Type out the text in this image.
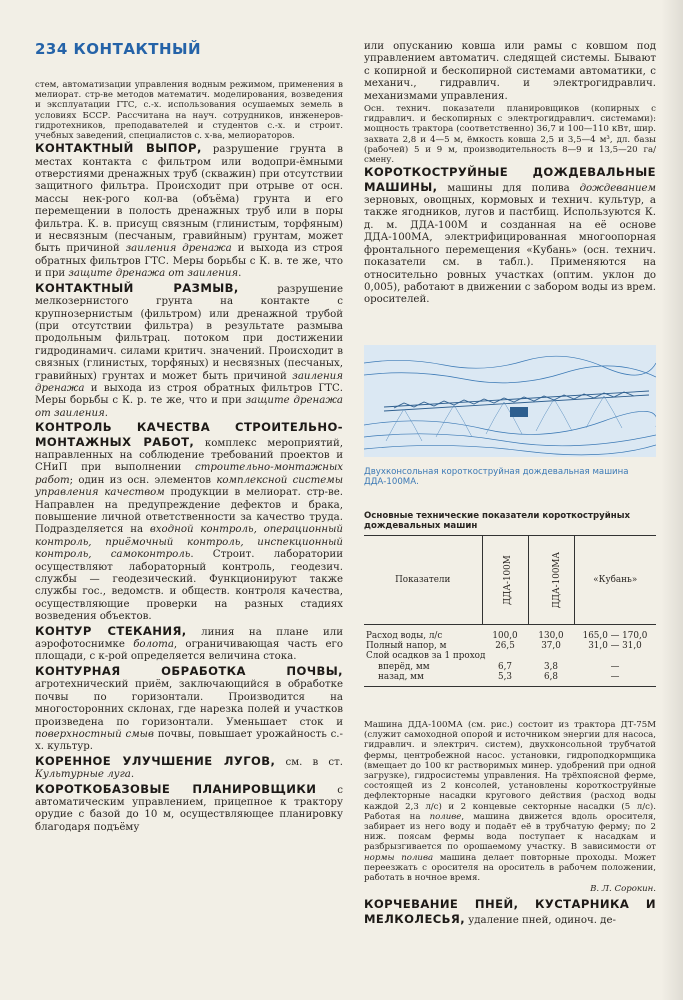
234 КОНТАКТНЫЙ

стем, автоматизации управления водным режимом, применения в мелиорат. стр-ве методов математич. моделирования, возведения и эксплуатации ГТС, с.-х. использования осушаемых земель в условиях БССР. Рассчитана на науч. сотрудников, инженеров-гидротехников, преподавателей и студентов с.-х. и строит. учебных заведений, специалистов с. х-ва, мелиораторов.

КОНТАКТНЫЙ ВЫПОР, разрушение грунта в местах контакта с фильтром или водопри-ёмными отверстиями дренажных труб (скважин) при отсутствии защитного фильтра. Происходит при отрыве от осн. массы нек-рого кол-ва (объёма) грунта и его перемещении в полость дренажных труб или в поры фильтра. К. в. присущ связным (глинистым, торфяным) и несвязным (песчаным, гравийным) грунтам, может быть причиной заиления дренажа и выхода из строя обратных фильтров ГТС. Меры борьбы с К. в. те же, что и при защите дренажа от заиления.

КОНТАКТНЫЙ РАЗМЫВ, разрушение мелкозернистого грунта на контакте с крупнозернистым (фильтром) или дренажной трубой (при отсутствии фильтра) в результате размыва продольным фильтрац. потоком при достижении гидродинамич. силами критич. значений. Происходит в связных (глинистых, торфяных) и несвязных (песчаных, гравийных) грунтах и может быть причиной заиления дренажа и выхода из строя обратных фильтров ГТС. Меры борьбы с К. р. те же, что и при защите дренажа от заиления.

КОНТРОЛЬ КАЧЕСТВА СТРОИТЕЛЬНО-МОНТАЖНЫХ РАБОТ, комплекс мероприятий, направленных на соблюдение требований проектов и СНиП при выполнении строительно-монтажных работ; один из осн. элементов комплексной системы управления качеством продукции в мелиорат. стр-ве. Направлен на предупреждение дефектов и брака, повышение личной ответственности за качество труда. Подразделяется на входной контроль, операционный контроль, приёмочный контроль, инспекционный контроль, самоконтроль. Строит. лаборатории осуществляют лабораторный контроль, геодезич. службы — геодезический. Функционируют также службы гос., ведомств. и обществ. контроля качества, осуществляющие проверки на разных стадиях возведения объектов.

КОНТУР СТЕКАНИЯ, линия на плане или аэрофотоснимке болота, ограничивающая часть его площади, с к-рой определяется величина стока.

КОНТУРНАЯ ОБРАБОТКА ПОЧВЫ, агротехнический приём, заключающийся в обработке почвы по горизонтали. Производится на многосторонних склонах, где нарезка полей и участков произведена по горизонтали. Уменьшает сток и поверхностный смыв почвы, повышает урожайность с.-х. культур.

КОРЕННОЕ УЛУЧШЕНИЕ ЛУГОВ, см. в ст. Культурные луга.

КОРОТКОБАЗОВЫЕ ПЛАНИРОВЩИКИ с автоматическим управлением, прицепное к трактору орудие с базой до 10 м, осуществляющее планировку благодаря подъёму

или опусканию ковша или рамы с ковшом под управлением автоматич. следящей системы. Бывают с копирной и бескопирной системами автоматики, с механич., гидравлич. и электрогидравлич. механизмами управления.

Осн. технич. показатели планировщиков (копирных с гидравлич. и бескопирных с электрогидравлич. системами): мощность трактора (соответственно) 36,7 и 100—110 кВт, шир. захвата 2,8 и 4—5 м, ёмкость ковша 2,5 и 3,5—4 м³, дл. базы (рабочей) 5 и 9 м, производительность 8—9 и 13,5—20 га/смену.

КОРОТКОСТРУЙНЫЕ ДОЖДЕВАЛЬНЫЕ МАШИНЫ, машины для полива дождеванием зерновых, овощных, кормовых и технич. культур, а также ягодников, лугов и пастбищ. Используются К. д. м. ДДА-100М и созданная на её основе ДДА-100МА, электрифицированная многоопорная фронтального перемещения «Кубань» (осн. технич. показатели см. в табл.). Применяются на относительно ровных участках (оптим. уклон до 0,005), работают в движении с забором воды из врем. оросителей.

Двухконсольная короткоструйная дождевальная машина ДДА-100МА.
Основные технические показатели короткоструйных дождевальных машин
Показатели	ДДА-100М	ДДА-100МА	«Кубань»

Расход воды, л/с	100,0	130,0	165,0 — 170,0
Полный напор, м	26,5	37,0	31,0 — 31,0
Слой осадков за 1 проход			
вперёд, мм	6,7	3,8	—
назад, мм	5,3	6,8	—

Машина ДДА-100МА (см. рис.) состоит из трактора ДТ-75М (служит самоходной опорой и источником энергии для насоса, гидравлич. и электрич. систем), двухконсольной трубчатой фермы, центробежной насос. установки, гидроподкормщика (вмещает до 100 кг растворимых минер. удобрений при одной загрузке), гидросистемы управления. На трёхпоясной ферме, состоящей из 2 консолей, установлены короткоструйные дефлекторные насадки кругового действия (расход воды каждой 2,3 л/с) и 2 концевые секторные насадки (5 л/с). Работая на поливе, машина движется вдоль оросителя, забирает из него воду и подаёт её в трубчатую ферму; по 2 ниж. поясам фермы вода поступает к насадкам и разбрызгивается по орошаемому участку. В зависимости от нормы полива машина делает повторные проходы. Может переезжать с оросителя на ороситель в рабочем положении, работать в ночное время.

В. Л. Сорокин.

КОРЧЕВАНИЕ ПНЕЙ, КУСТАРНИКА И МЕЛКОЛЕСЬЯ, удаление пней, одиноч. де-
